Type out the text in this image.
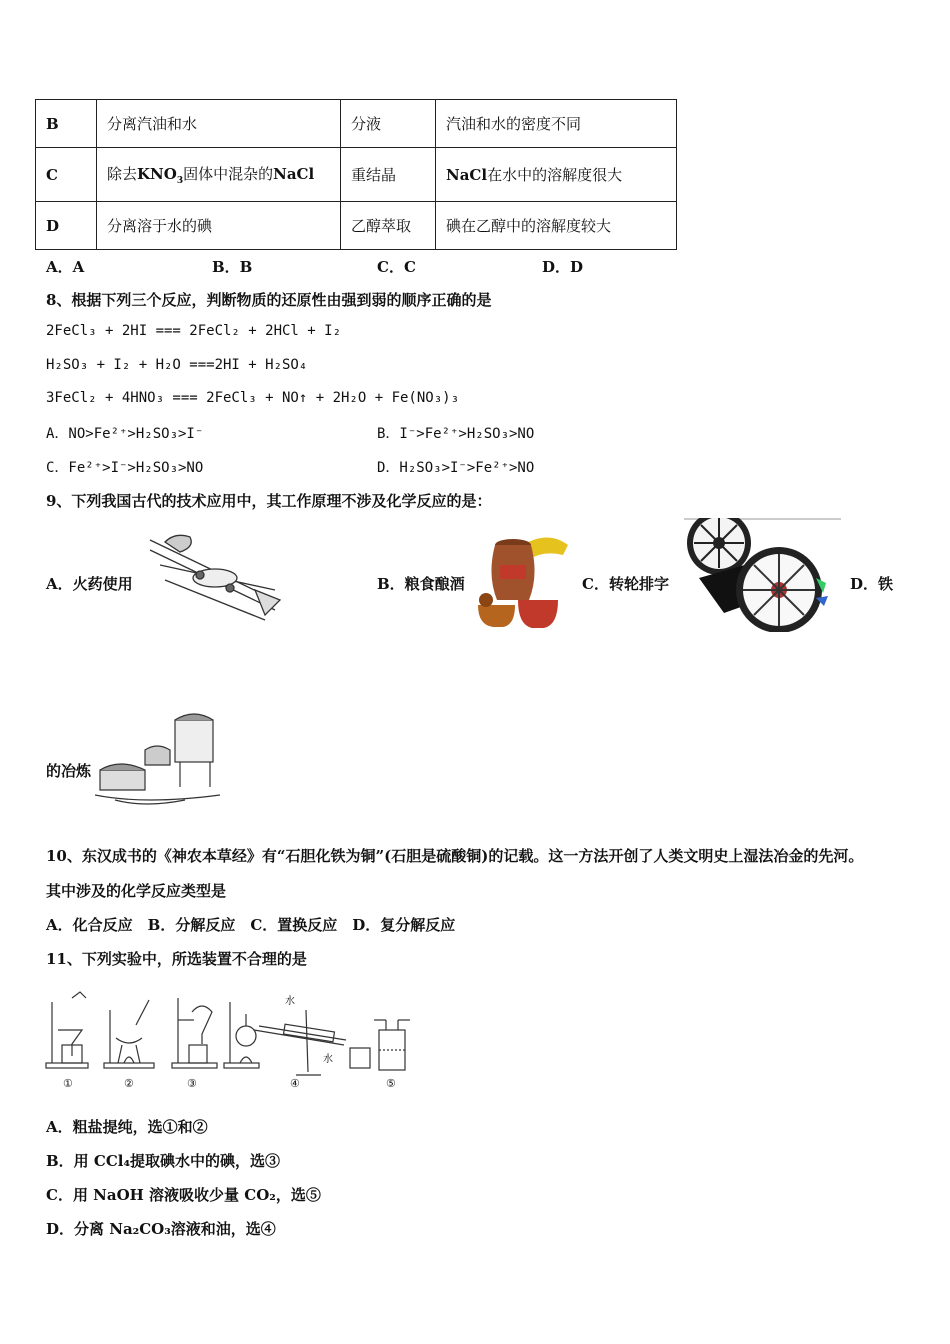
B	分离汽油和水	分液	汽油和水的密度不同
C	除去$KNO_3$固体中混杂的NaCl	重结晶	NaCl在水中的溶解度很大
D	分离溶于水的碘	乙醇萃取	碘在乙醇中的溶解度较大
A．A	B．B	C．C	D．D
8、根据下列三个反应，判断物质的还原性由强到弱的顺序正确的是
2FeCl₃ + 2HI === 2FeCl₂ + 2HCl + I₂
H₂SO₃ + I₂ + H₂O ===2HI + H₂SO₄
3FeCl₂ + 4HNO₃ === 2FeCl₃ + NO↑ + 2H₂O + Fe(NO₃)₃
A．NO>Fe²⁺>H₂SO₃>I⁻	B．I⁻>Fe²⁺>H₂SO₃>NO
C．Fe²⁺>I⁻>H₂SO₃>NO	D．H₂SO₃>I⁻>Fe²⁺>NO
9、下列我国古代的技术应用中，其工作原理不涉及化学反应的是：
A．火药使用	B．粮食酿酒	C．转轮排字	D．铁
的冶炼
10、东汉成书的《神农本草经》有“石胆化铁为铜”(石胆是硫酸铜)的记载。这一方法开创了人类文明史上湿法冶金的先河。
其中涉及的化学反应类型是
A．化合反应　B．分解反应　C．置换反应　D．复分解反应
11、下列实验中，所选装置不合理的是
水
水
①	②	③	④	⑤
A．粗盐提纯，选①和②
B．用 CCl₄提取碘水中的碘，选③
C．用 NaOH 溶液吸收少量 CO₂，选⑤
D．分离 Na₂CO₃溶液和油，选④
